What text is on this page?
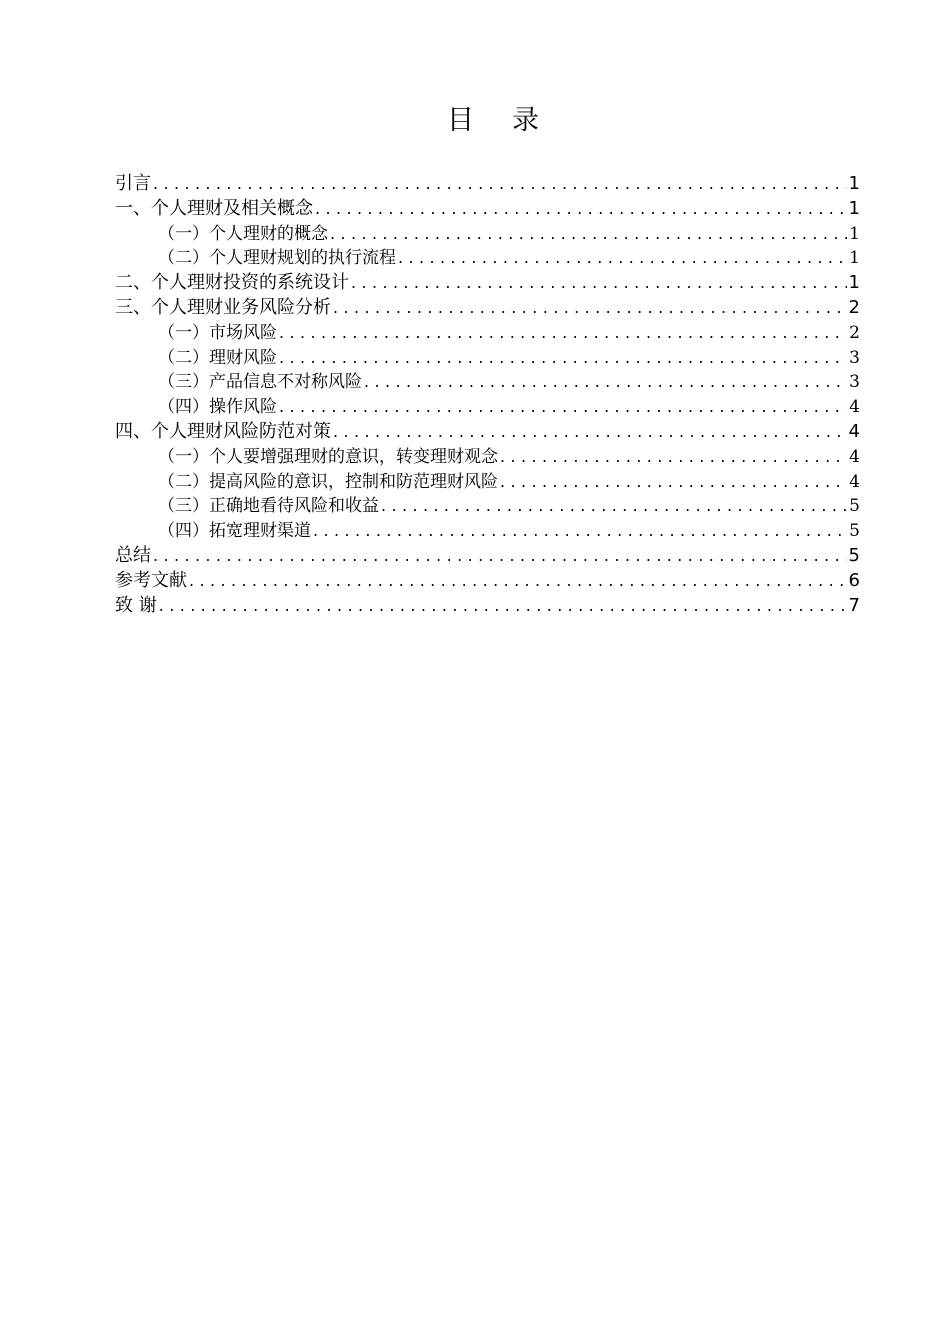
目录
引言 .....	1
一、个人理财及相关概念 .....	1
（一）个人理财的概念 .....	1
（二）个人理财规划的执行流程 .....	1
二、个人理财投资的系统设计 .....	1
三、个人理财业务风险分析 .....	2
（一）市场风险 .....	2
（二）理财风险 .....	3
（三）产品信息不对称风险 .....	3
（四）操作风险 .....	4
四、个人理财风险防范对策 .....	4
（一）个人要增强理财的意识，转变理财观念 .....	4
（二）提高风险的意识，控制和防范理财风险 .....	4
（三）正确地看待风险和收益 .....	5
（四）拓宽理财渠道 .....	5
总结 .....	5
参考文献 .....	6
致 谢 .....	7
